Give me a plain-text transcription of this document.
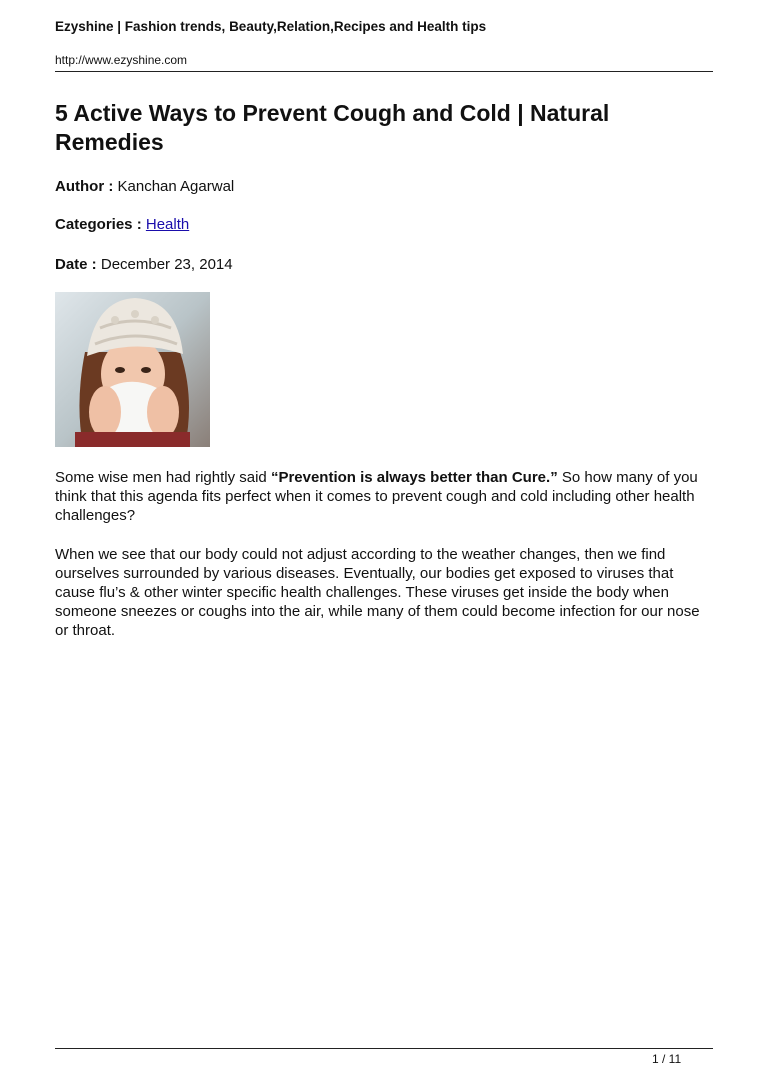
Ezyshine | Fashion trends, Beauty,Relation,Recipes and Health tips
http://www.ezyshine.com
5 Active Ways to Prevent Cough and Cold | Natural Remedies
Author : Kanchan Agarwal
Categories : Health
Date : December 23, 2014

Some wise men had rightly said “Prevention is always better than Cure.” So how many of you think that this agenda fits perfect when it comes to prevent cough and cold including other health challenges?

When we see that our body could not adjust according to the weather changes, then we find ourselves surrounded by various diseases. Eventually, our bodies get exposed to viruses that cause flu’s & other winter specific health challenges. These viruses get inside the body when someone sneezes or coughs into the air, while many of them could become infection for our nose or throat.

1 / 11
